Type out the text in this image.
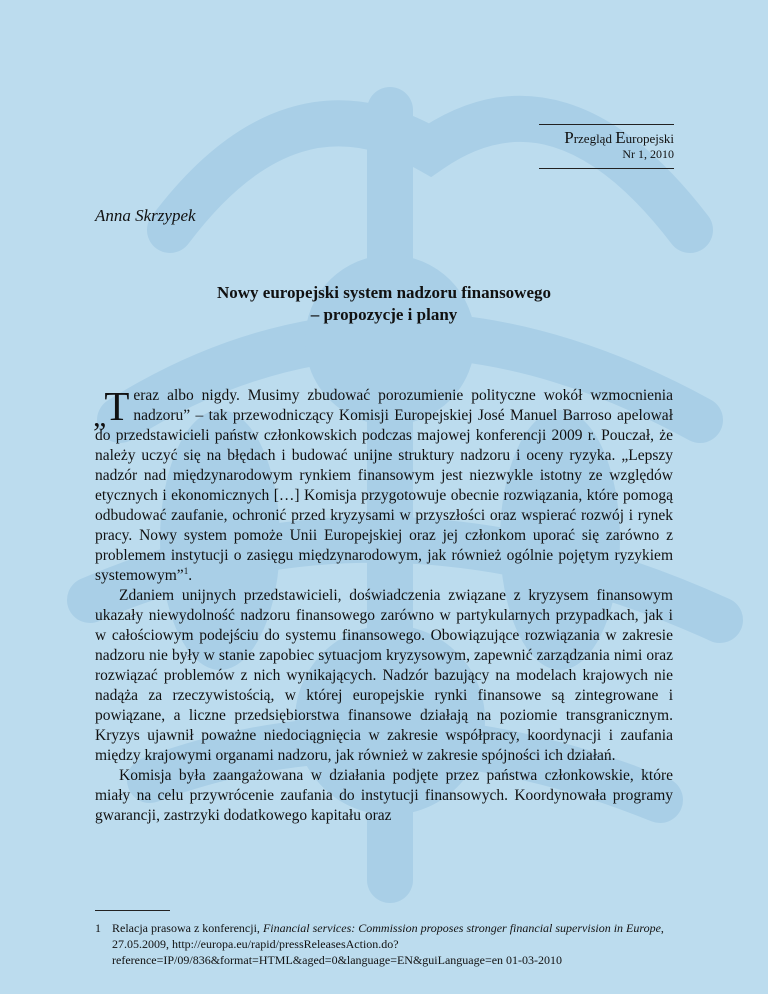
Przegląd Europejski
Nr 1, 2010
Anna Skrzypek
Nowy europejski system nadzoru finansowego
– propozycje i plany

„T eraz albo nigdy. Musimy zbudować porozumienie polityczne wokół wzmocnienia nadzoru” – tak przewodniczący Komisji Europejskiej José Manuel Barroso apelował do przedstawicieli państw członkowskich podczas majowej konferencji 2009 r. Pouczał, że należy uczyć się na błędach i budować unijne struktury nadzoru i oceny ryzyka. „Lepszy nadzór nad międzynarodowym rynkiem finansowym jest niezwykle istotny ze względów etycznych i ekonomicznych […] Komisja przygotowuje obecnie rozwiązania, które pomogą odbudować zaufanie, ochronić przed kryzysami w przyszłości oraz wspierać rozwój i rynek pracy. Nowy system pomoże Unii Europejskiej oraz jej członkom uporać się zarówno z problemem instytucji o zasięgu międzynarodowym, jak również ogólnie pojętym ryzykiem systemowym”$^1$.

Zdaniem unijnych przedstawicieli, doświadczenia związane z kryzysem finansowym ukazały niewydolność nadzoru finansowego zarówno w partykularnych przypadkach, jak i w całościowym podejściu do systemu finansowego. Obowiązujące rozwiązania w zakresie nadzoru nie były w stanie zapobiec sytuacjom kryzysowym, zapewnić zarządzania nimi oraz rozwiązać problemów z nich wynikających. Nadzór bazujący na modelach krajowych nie nadąża za rzeczywistością, w której europejskie rynki finansowe są zintegrowane i powiązane, a liczne przedsiębiorstwa finansowe działają na poziomie transgranicznym. Kryzys ujawnił poważne niedociągnięcia w zakresie współpracy, koordynacji i zaufania między krajowymi organami nadzoru, jak również w zakresie spójności ich działań.

Komisja była zaangażowana w działania podjęte przez państwa członkowskie, które miały na celu przywrócenie zaufania do instytucji finansowych. Koordynowała programy gwarancji, zastrzyki dodatkowego kapitału oraz

1 Relacja prasowa z konferencji, Financial services: Commission proposes stronger financial supervision in Europe, 27.05.2009, http://europa.eu/rapid/pressReleasesAction.do?reference=IP/09/836&format=HTML&aged=0&language=EN&guiLanguage=en 01-03-2010
